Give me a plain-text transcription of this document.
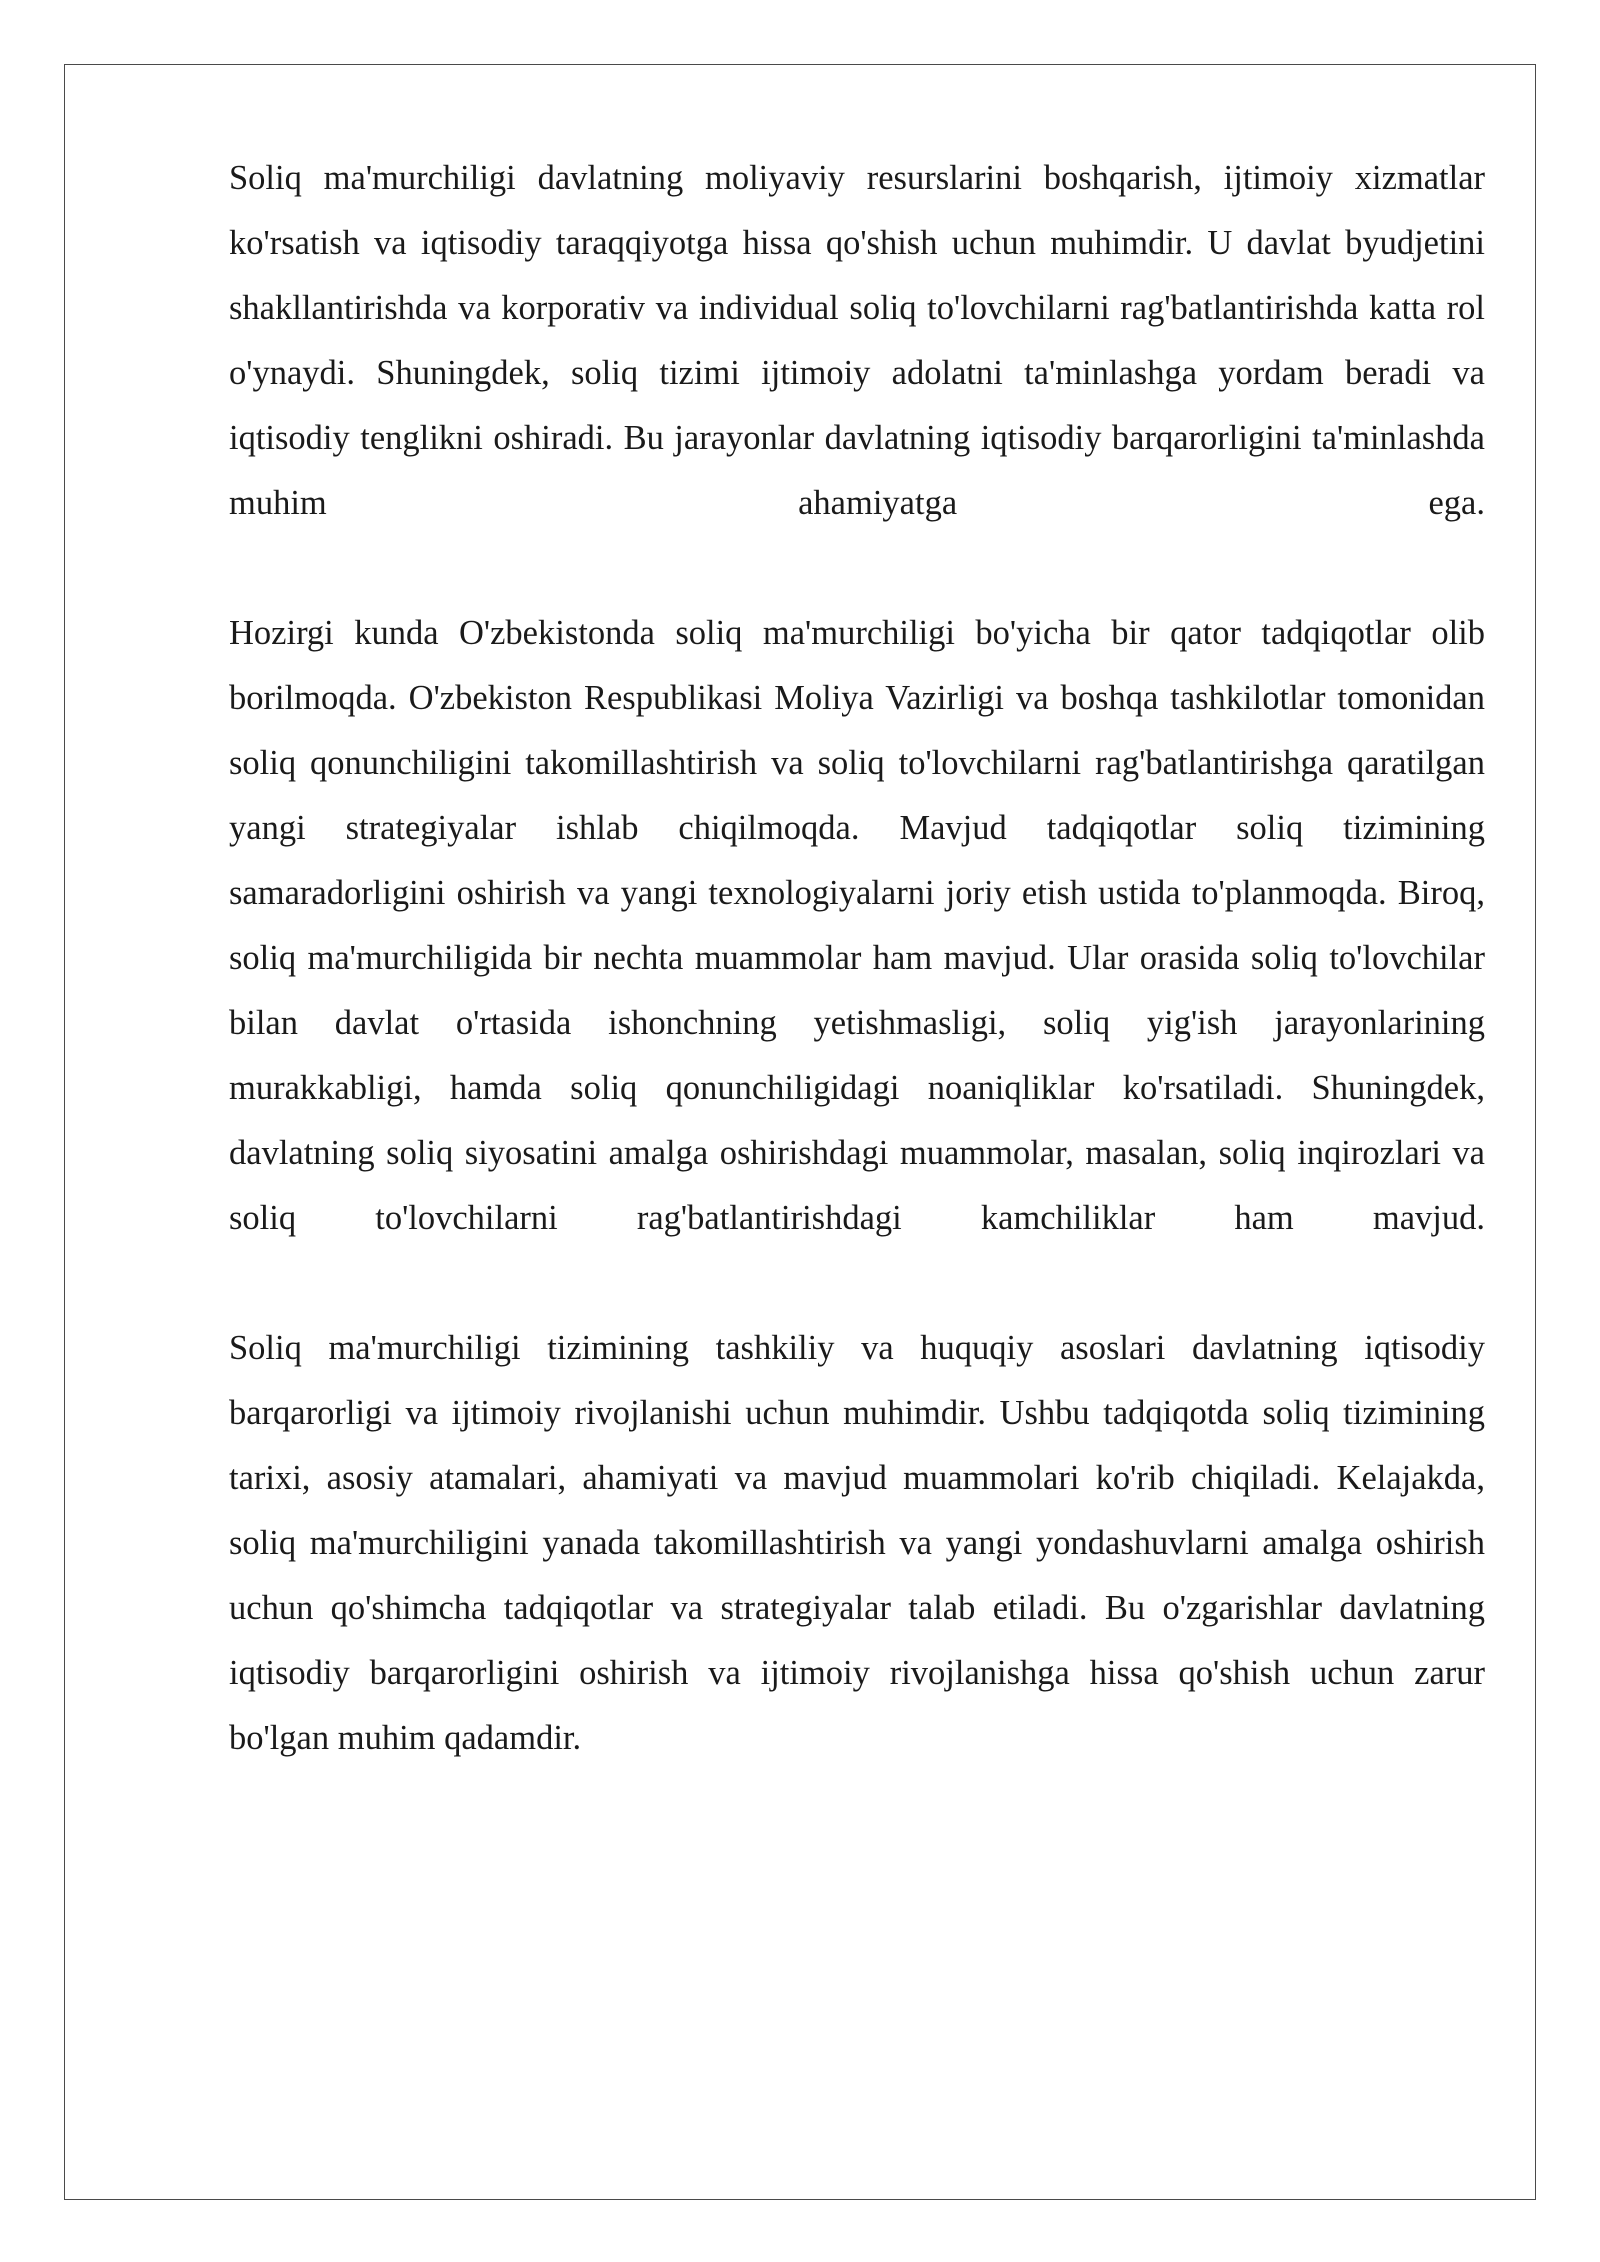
Soliq ma'murchiligi davlatning moliyaviy resurslarini boshqarish, ijtimoiy xizmatlar ko'rsatish va iqtisodiy taraqqiyotga hissa qo'shish uchun muhimdir. U davlat byudjetini shakllantirishda va korporativ va individual soliq to'lovchilarni rag'batlantirishda katta rol o'ynaydi. Shuningdek, soliq tizimi ijtimoiy adolatni ta'minlashga yordam beradi va iqtisodiy tenglikni oshiradi. Bu jarayonlar davlatning iqtisodiy barqarorligini ta'minlashda muhim ahamiyatga ega.

Hozirgi kunda O'zbekistonda soliq ma'murchiligi bo'yicha bir qator tadqiqotlar olib borilmoqda. O'zbekiston Respublikasi Moliya Vazirligi va boshqa tashkilotlar tomonidan soliq qonunchiligini takomillashtirish va soliq to'lovchilarni rag'batlantirishga qaratilgan yangi strategiyalar ishlab chiqilmoqda. Mavjud tadqiqotlar soliq tizimining samaradorligini oshirish va yangi texnologiyalarni joriy etish ustida to'planmoqda. Biroq, soliq ma'murchiligida bir nechta muammolar ham mavjud. Ular orasida soliq to'lovchilar bilan davlat o'rtasida ishonchning yetishmasligi, soliq yig'ish jarayonlarining murakkabligi, hamda soliq qonunchiligidagi noaniqliklar ko'rsatiladi. Shuningdek, davlatning soliq siyosatini amalga oshirishdagi muammolar, masalan, soliq inqirozlari va soliq to'lovchilarni rag'batlantirishdagi kamchiliklar ham mavjud.

Soliq ma'murchiligi tizimining tashkiliy va huquqiy asoslari davlatning iqtisodiy barqarorligi va ijtimoiy rivojlanishi uchun muhimdir. Ushbu tadqiqotda soliq tizimining tarixi, asosiy atamalari, ahamiyati va mavjud muammolari ko'rib chiqiladi. Kelajakda, soliq ma'murchiligini yanada takomillashtirish va yangi yondashuvlarni amalga oshirish uchun qo'shimcha tadqiqotlar va strategiyalar talab etiladi. Bu o'zgarishlar davlatning iqtisodiy barqarorligini oshirish va ijtimoiy rivojlanishga hissa qo'shish uchun zarur bo'lgan muhim qadamdir.
